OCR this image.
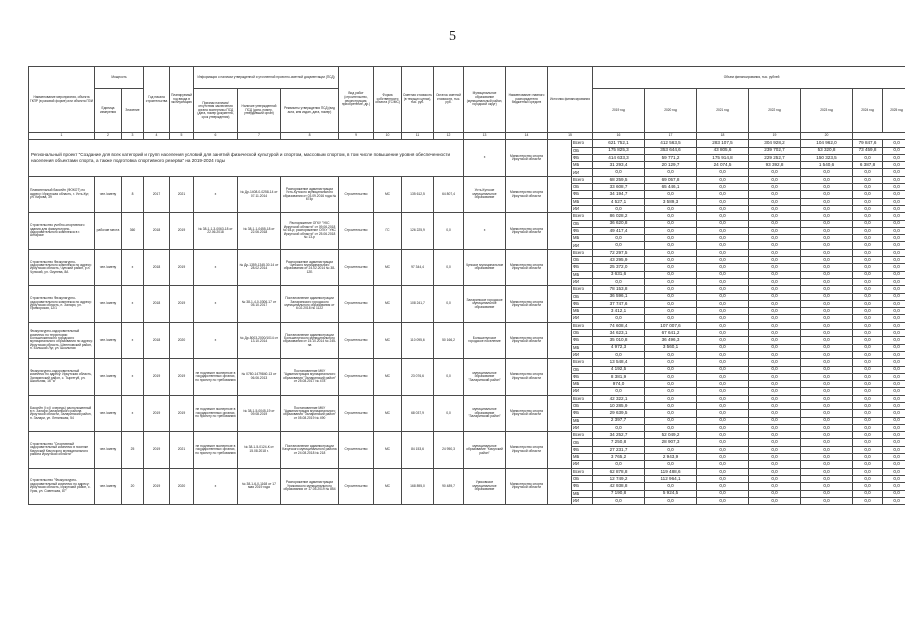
5
Наименование мероприятия, объекта ГКПР (в разовой форме) или объекта ПЗИ	Мощность		Год начала строительства	Планируемый год ввода в эксплуатацию	Информация о наличии утвержденной и уточненной проектно-сметной документации (ПСД)			Вид работ (строительство, реконструкция, приобретение, др.)	Форма собственности объекта (ГС/МС)	Сметная стоимость (в текущих ценах), тыс. руб.	Остаток сметной стоимости, тыс. руб.	Муниципальное образование (муниципальный район, городской округ)	Наименование главного распорядителя бюджетных средств	Источник финансирования		Объем финансирования, тыс. рублей						
	Единица измерения	Значение			Признак наличия/отсутствия заключения органа экспертизы ПСД (дата, номер документа, срок утверждения)	Наличие утвержденной ПСД (дата, номер, утвердивший орган)	Реквизиты утверждения ПСД (вид акта, кем издан, дата, номер)									2019 год	2020 год	2021 год	2022 год	2023 год	2024 год	2025 год
1	2	3	4	5	6	7	8	9	10	11	12	13	14	15		16	17	18	19	20		
Региональный проект "Создание для всех категорий и групп населения условий для занятий физической культурой и спортом, массовым спортом, в том числе повышение уровня обеспеченности населения объектами спорта, а также подготовка спортивного резерва" на 2019-2024 годы												х	Министерство спорта Иркутской области		Всего	621 752,1	412 563,5	283 107,5	304 928,2	104 962,0	79 847,6	0,0
															ОБ	175 825,3	353 644,6	43 805,6	239 702,7	53 320,8	73 459,8	0,0
															ФБ	414 633,3	59 771,2	175 914,8	229 252,7	150 323,5	0,0	0,0
															МБ	31 293,4	20 129,7	24 074,5	93 392,8	1 540,6	6 387,8	0,0
															ИИ	0,0	0,0	0,0	0,0	0,0	0,0	0,0
Плавательный бассейн (ФОКОТ) по адресу: Иркутская область, г. Усть-Кут, ул. Кирова, 39	чел./смену	8	2017	2021	х	№ Др-1408-0-0258-14 от 07.11.2014	Распоряжение администрации Усть-Кутского муниципального образования от 03.09.2016 года № 674р	Строительство	МС	135 612,5	64 807,4	Усть-Кутское муниципальное образование	Министерство спорта Иркутской области		Всего	68 259,5	69 057,8	0,0	0,0	0,0	0,0	0,0
															ОБ	33 608,7	65 446,1	0,0	0,0	0,0	0,0	0,0
															ФБ	34 194,7	0,0	0,0	0,0	0,0	0,0	0,0
															МБ	4 527,1	3 589,3	0,0	0,0	0,0	0,0	0,0
															ИИ	0,0	0,0	0,0	0,0	0,0	0,0	0,0
Строительство учебно-спортивного здания для физкультурно-оздоровительного комплекса в г. Ангарске	рабочие места	360	2018	2019	№ 38-1-1-3-0063-18 от 22.06.2018	№ 38-1-1-0455-18 от 22.06.2018	Распоряжение ОГКУ "УКС Иркутской области" от 09.06.2018 № 64-р; распоряжение ОГКУ "УКС Иркутской области" от 25.06.2018 № 13-р	Строительство	ГС	126 225,9	0,0	х	Министерство спорта Иркутской области		Всего	86 028,2	0,0	0,0	0,0	0,0	0,0	0,0
															ОБ	36 620,8	0,0	0,0	0,0	0,0	0,0	0,0
															ФБ	49 417,4	0,0	0,0	0,0	0,0	0,0	0,0
															МБ	0,0	0,0	0,0	0,0	0,0	0,0	0,0
															ИИ	0,0	0,0	0,0	0,0	0,0	0,0	0,0
Строительство Физкультурно-оздоровительного комплекса по адресу: Иркутская область, Чунский район, р.п. Чунский, ул. Окунева, 8А	чел./смену	х	2018	2019	х	№ Др-1359-1345.30.14 от 28.02.2014	Распоряжение администрации Чунского муниципального образования от 24.02.2014 № 38-12Б	Строительство	МС	97 344,4	0,0	Чунское муниципальное образование	Министерство спорта Иркутской области		Всего	72 297,5	0,0	0,0	0,0	0,0	0,0	0,0
															ОБ	43 295,9	0,0	0,0	0,0	0,0	0,0	0,0
															ФБ	25 372,0	0,0	0,0	0,0	0,0	0,0	0,0
															МБ	3 631,6	0,0	0,0	0,0	0,0	0,0	0,0
															ИИ	0,0	0,0	0,0	0,0	0,0	0,0	0,0
Строительство Физкультурно-оздоровительного комплекса по адресу: Иркутская область, п. Залари, ул. Приморская, 12/1	чел./смену	х	2018	2019	х	№ 38-1-4-0-0306-17 от 05.10.2017	Постановление администрации Заларинского городского муниципального образования от 6.02.2018 № 1122	Строительство	МС	108 241,7	0,0	Заларинское городское муниципальное образование	Министерство спорта Иркутской области		Всего	78 153,8	0,0	0,0	0,0	0,0	0,0	0,0
															ОБ	36 596,1	0,0	0,0	0,0	0,0	0,0	0,0
															ФБ	37 747,6	0,0	0,0	0,0	0,0	0,0	0,0
															МБ	3 412,1	0,0	0,0	0,0	0,0	0,0	0,0
															ИИ	0,0	0,0	0,0	0,0	0,0	0,0	0,0
Физкультурно-оздоровительный комплекс по территории Большеокинского городского муниципального образования по адресу: Иркутская область, Шелеховский район, п. Большой Луг, ул. Школьная	чел./смену	х	2018	2020	х	№ Др-5003-2000/1014 от 13.10.2014	Постановление администрации Большелугского муниципального образования от 15.10.2014 № 245-па	Строительство	МС	110 095,6	50 166,2	Большелугское городское поселение	Министерство спорта Иркутской области		Всего	74 608,4	107 007,6	0,0	0,0	0,0	0,0	0,0
															ОБ	34 623,1	67 641,2	0,0	0,0	0,0	0,0	0,0
															ФБ	35 010,8	36 496,3	0,0	0,0	0,0	0,0	0,0
															МБ	4 972,3	3 560,1	0,0	0,0	0,0	0,0	0,0
															ИИ	0,0	0,0	0,0	0,0	0,0	0,0	0,0
Физкультурно-оздоровительный комплекс по адресу: Иркутская область, Заларинский район, с. Тыргетуй, ул. Школьная, 16 "а"	чел./смену	х	2019	2019	не подлежит экспертизе в государственных органах, по проекту по требованию	№ 0780-1479840-13 от 06.06.2013	Постановление МКУ "Администрация муниципального образования "Заларинский район" от 25.08.2017 № 478	Строительство	МС	23 076,6	0,0	муниципальное образование "Заларинский район"	Министерство спорта Иркутской области		Всего	13 548,4	0,0	0,0	0,0	0,0	0,0	0,0
															ОБ	4 192,5	0,0	0,0	0,0	0,0	0,0	0,0
															ФБ	8 381,9	0,0	0,0	0,0	0,0	0,0	0,0
															МБ	974,0	0,0	0,0	0,0	0,0	0,0	0,0
															ИИ	0,0	0,0	0,0	0,0	0,0	0,0	0,0
Бассейн (I и II очередь) расположенный в п. Залари Заларинского района Иркутской области, Заларинский район, п. Залари, ул. Ленинская, 54	чел./смену	х	2019	2019	не подлежит экспертизе в государственных органах, по проекту по требованию	№ 38-1-5-0045-19 от 09.08.2019	Постановление МКУ "Администрация муниципального образования "Заларинский район" от 05.08.2019 № 490	Строительство	МС	68 037,9	0,0	муниципальное образование "Заларинский район"	Министерство спорта Иркутской области		Всего	42 322,1	0,0	0,0	0,0	0,0	0,0	0,0
															ОБ	10 285,9	0,0	0,0	0,0	0,0	0,0	0,0
															ФБ	29 639,5	0,0	0,0	0,0	0,0	0,0	0,0
															МБ	2 397,7	0,0	0,0	0,0	0,0	0,0	0,0
															ИИ	0,0	0,0	0,0	0,0	0,0	0,0	0,0
Строительство "Спортивный оздоровительный комплекс в поселке Качугский Качугского муниципального района Иркутской области"	чел./смену	25	2019	2021	не подлежит экспертизе в государственных органах, по проекту по требованию	№ 38-1-5-0124-К от 15.08.2018 г.	Постановление администрации Качугского муниципального района от 24.08.2018 № 218	Строительство	МС	84 153,6	24 950,3	муниципальное образование "Качугский район"	Министерство спорта Иркутской области		Всего	34 252,7	52 049,2	0,0	0,0	0,0	0,0	0,0
															ОБ	7 250,8	28 907,3	0,0	0,0	0,0	0,0	0,0
															ФБ	27 231,7	0,0	0,0	0,0	0,0	0,0	0,0
															МБ	3 765,2	2 943,9	0,0	0,0	0,0	0,0	0,0
															ИИ	0,0	0,0	0,0	0,0	0,0	0,0	0,0
Строительство "Физкультурно-оздоровительный комплекс по адресу: Иркутская область, Иркутский район, с. Урик, ул. Советская, 87"	чел./смену	20	2019	2020	х	№ 38-1-6-0-1168 от 17 мая 2019 года	Распоряжение администрации Уриковского муниципального образования от 17.05.2019 № 854	Строительство	МС	168 895,0	90 489,7	Уриковское муниципальное образование	Министерство спорта Иркутской области		Всего	62 878,8	119 488,6	0,0	0,0	0,0	0,0	0,0
															ОБ	12 749,2	112 964,1	0,0	0,0	0,0	0,0	0,0
															ФБ	42 938,8	0,0	0,0	0,0	0,0	0,0	0,0
															МБ	7 190,8	5 924,5	0,0	0,0	0,0	0,0	0,0
															ИИ	0,0	0,0	0,0	0,0	0,0	0,0	0,0
